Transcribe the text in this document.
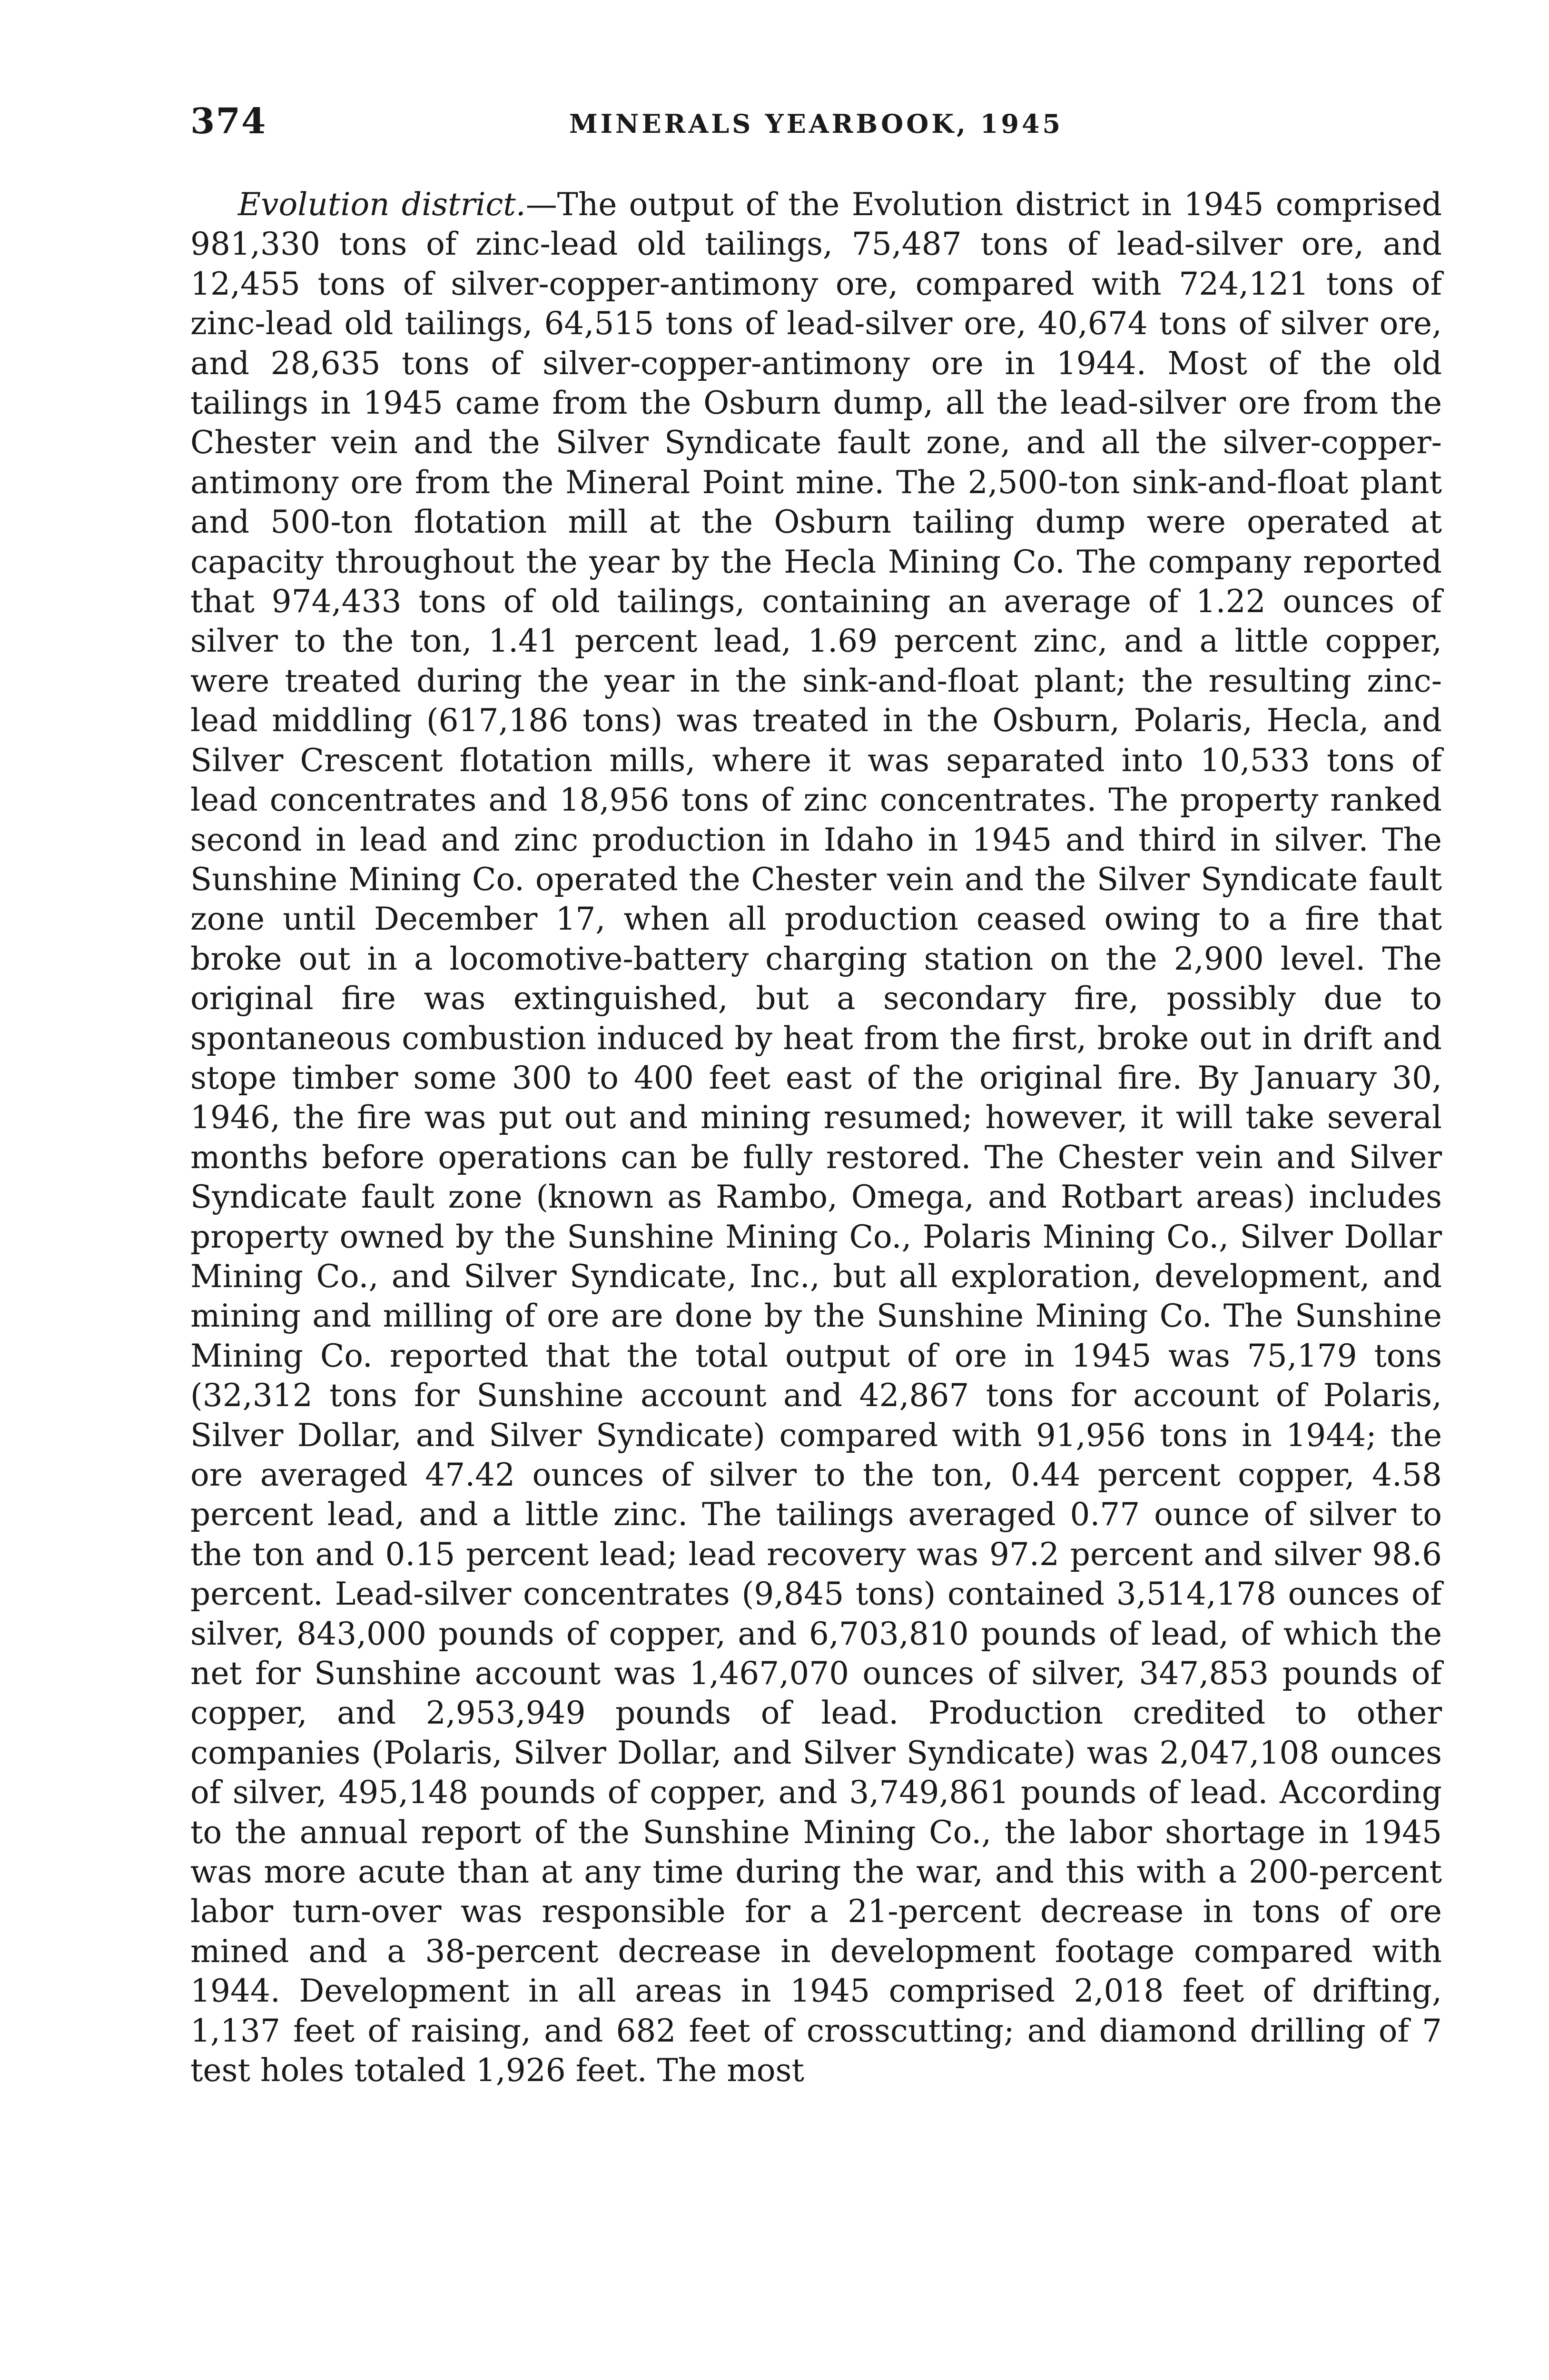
374	MINERALS YEARBOOK, 1945

Evolution district.—The output of the Evolution district in 1945 comprised 981,330 tons of zinc-lead old tailings, 75,487 tons of lead-silver ore, and 12,455 tons of silver-copper-antimony ore, compared with 724,121 tons of zinc-lead old tailings, 64,515 tons of lead-silver ore, 40,674 tons of silver ore, and 28,635 tons of silver-copper-antimony ore in 1944. Most of the old tailings in 1945 came from the Osburn dump, all the lead-silver ore from the Chester vein and the Silver Syndicate fault zone, and all the silver-copper-antimony ore from the Mineral Point mine. The 2,500-ton sink-and-float plant and 500-ton flotation mill at the Osburn tailing dump were operated at capacity throughout the year by the Hecla Mining Co. The company reported that 974,433 tons of old tailings, containing an average of 1.22 ounces of silver to the ton, 1.41 percent lead, 1.69 percent zinc, and a little copper, were treated during the year in the sink-and-float plant; the resulting zinc-lead middling (617,186 tons) was treated in the Osburn, Polaris, Hecla, and Silver Crescent flotation mills, where it was separated into 10,533 tons of lead concentrates and 18,956 tons of zinc concentrates. The property ranked second in lead and zinc production in Idaho in 1945 and third in silver. The Sunshine Mining Co. operated the Chester vein and the Silver Syndicate fault zone until December 17, when all production ceased owing to a fire that broke out in a locomotive-battery charging station on the 2,900 level. The original fire was extinguished, but a secondary fire, possibly due to spontaneous combustion induced by heat from the first, broke out in drift and stope timber some 300 to 400 feet east of the original fire. By January 30, 1946, the fire was put out and mining resumed; however, it will take several months before operations can be fully restored. The Chester vein and Silver Syndicate fault zone (known as Rambo, Omega, and Rotbart areas) includes property owned by the Sunshine Mining Co., Polaris Mining Co., Silver Dollar Mining Co., and Silver Syndicate, Inc., but all exploration, development, and mining and milling of ore are done by the Sunshine Mining Co. The Sunshine Mining Co. reported that the total output of ore in 1945 was 75,179 tons (32,312 tons for Sunshine account and 42,867 tons for account of Polaris, Silver Dollar, and Silver Syndicate) compared with 91,956 tons in 1944; the ore averaged 47.42 ounces of silver to the ton, 0.44 percent copper, 4.58 percent lead, and a little zinc. The tailings averaged 0.77 ounce of silver to the ton and 0.15 percent lead; lead recovery was 97.2 percent and silver 98.6 percent. Lead-silver concentrates (9,845 tons) contained 3,514,178 ounces of silver, 843,000 pounds of copper, and 6,703,810 pounds of lead, of which the net for Sunshine account was 1,467,070 ounces of silver, 347,853 pounds of copper, and 2,953,949 pounds of lead. Production credited to other companies (Polaris, Silver Dollar, and Silver Syndicate) was 2,047,108 ounces of silver, 495,148 pounds of copper, and 3,749,861 pounds of lead. According to the annual report of the Sunshine Mining Co., the labor shortage in 1945 was more acute than at any time during the war, and this with a 200-percent labor turn-over was responsible for a 21-percent decrease in tons of ore mined and a 38-percent decrease in development footage compared with 1944. Development in all areas in 1945 comprised 2,018 feet of drifting, 1,137 feet of raising, and 682 feet of crosscutting; and diamond drilling of 7 test holes totaled 1,926 feet. The most
